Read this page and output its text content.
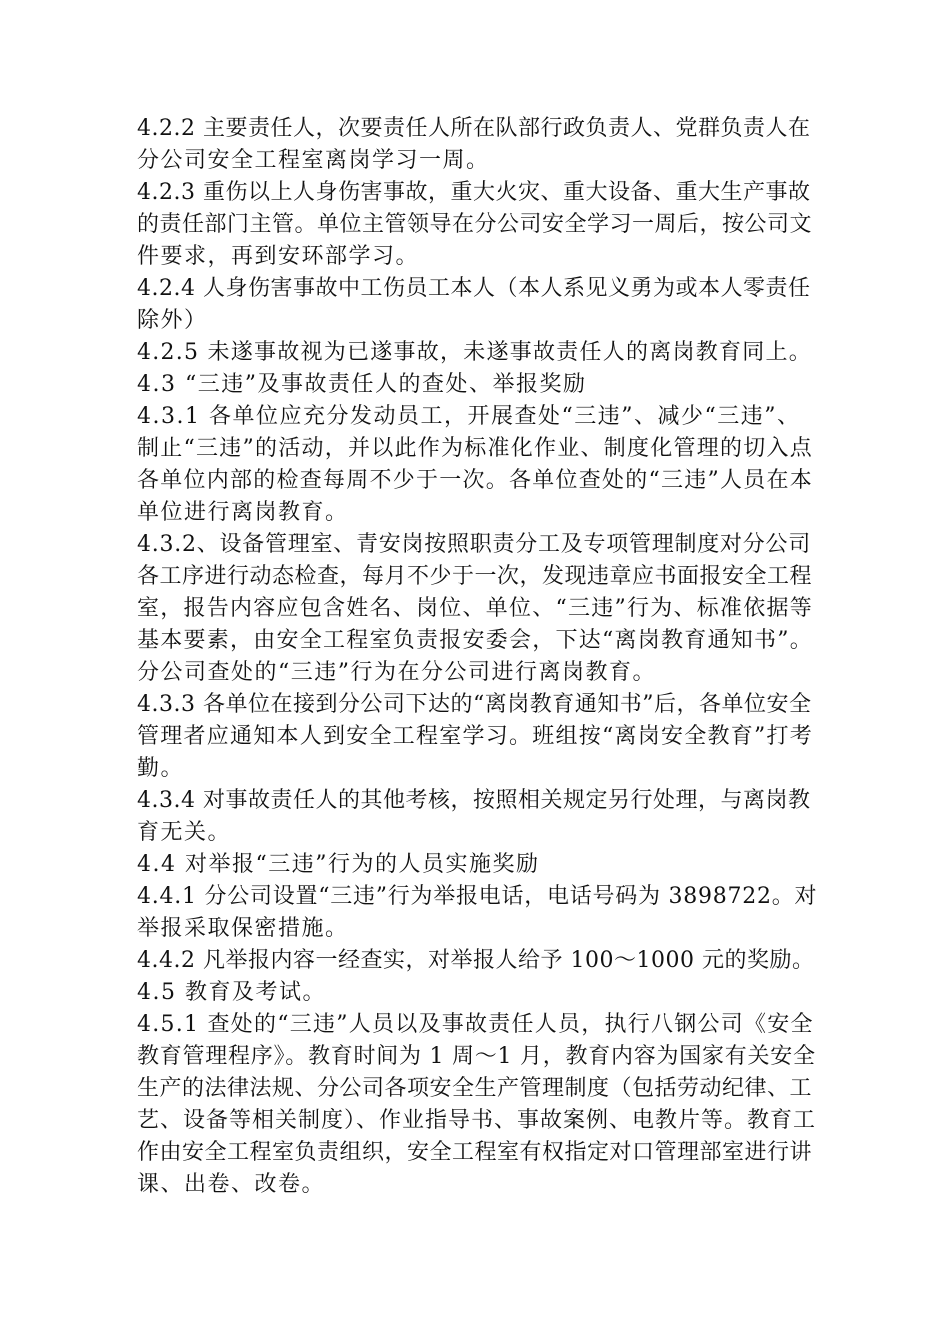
4.2.2 主要责任人，次要责任人所在队部行政负责人、党群负责人在
分公司安全工程室离岗学习一周。
4.2.3 重伤以上人身伤害事故，重大火灾、重大设备、重大生产事故
的责任部门主管。单位主管领导在分公司安全学习一周后，按公司文
件要求，再到安环部学习。
4.2.4 人身伤害事故中工伤员工本人（本人系见义勇为或本人零责任
除外）
4.2.5 未遂事故视为已遂事故，未遂事故责任人的离岗教育同上。
4.3 “三违”及事故责任人的查处、举报奖励
4.3.1 各单位应充分发动员工，开展查处“三违”、减少“三违”、
制止“三违”的活动，并以此作为标准化作业、制度化管理的切入点
各单位内部的检查每周不少于一次。各单位查处的“三违”人员在本
单位进行离岗教育。
4.3.2、设备管理室、青安岗按照职责分工及专项管理制度对分公司
各工序进行动态检查，每月不少于一次，发现违章应书面报安全工程
室，报告内容应包含姓名、岗位、单位、“三违”行为、标准依据等
基本要素，由安全工程室负责报安委会，下达“离岗教育通知书”。
分公司查处的“三违”行为在分公司进行离岗教育。
4.3.3 各单位在接到分公司下达的“离岗教育通知书”后，各单位安全
管理者应通知本人到安全工程室学习。班组按“离岗安全教育”打考
勤。
4.3.4 对事故责任人的其他考核，按照相关规定另行处理，与离岗教
育无关。
4.4 对举报“三违”行为的人员实施奖励
4.4.1 分公司设置“三违”行为举报电话，电话号码为 3898722。对
举报采取保密措施。
4.4.2 凡举报内容一经查实，对举报人给予 100～1000 元的奖励。
4.5 教育及考试。
4.5.1 查处的“三违”人员以及事故责任人员，执行八钢公司《安全
教育管理程序》。教育时间为 1 周～1 月，教育内容为国家有关安全
生产的法律法规、分公司各项安全生产管理制度（包括劳动纪律、工
艺、设备等相关制度）、作业指导书、事故案例、电教片等。教育工
作由安全工程室负责组织，安全工程室有权指定对口管理部室进行讲
课、出卷、改卷。
